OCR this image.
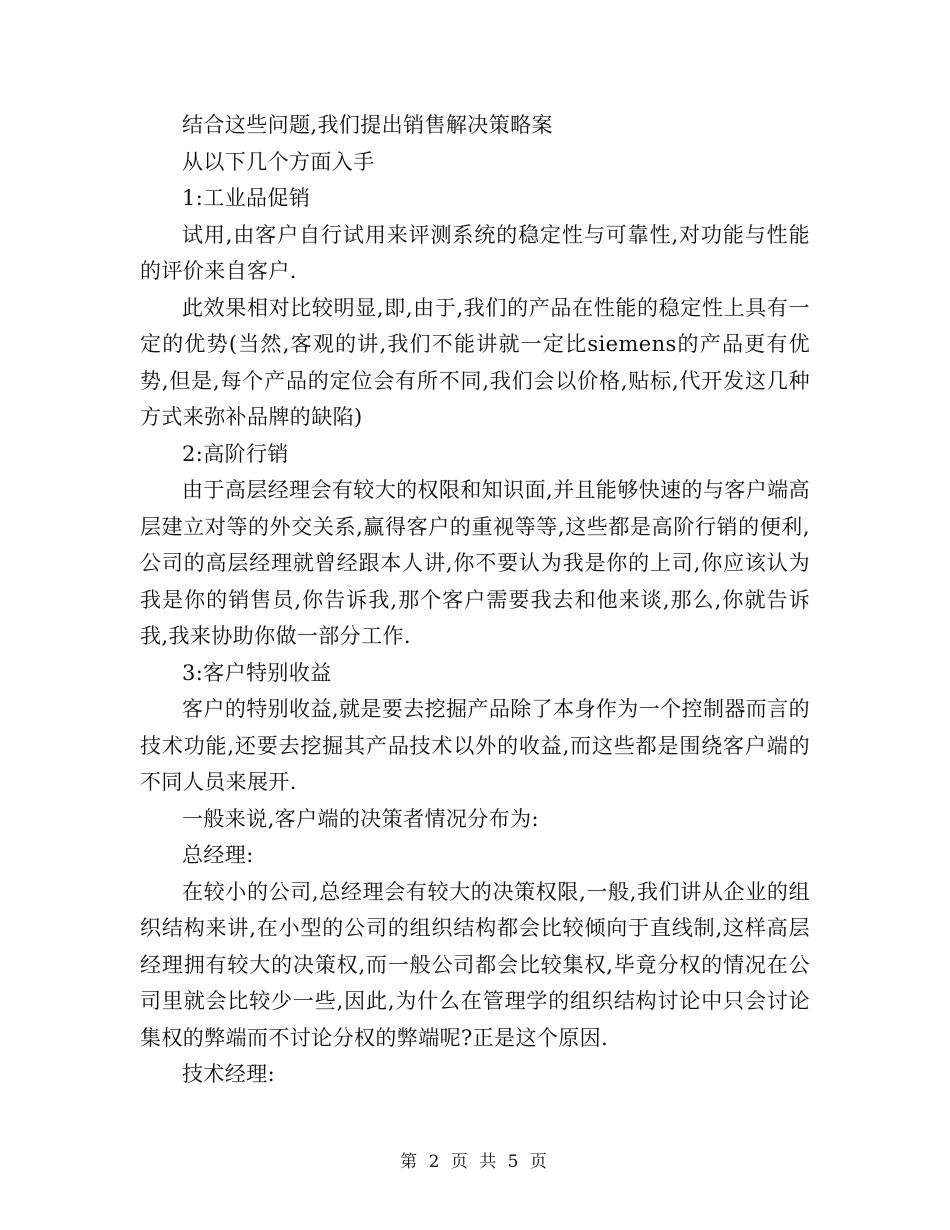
结合这些问题,我们提出销售解决策略案

从以下几个方面入手

1:工业品促销

试用,由客户自行试用来评测系统的稳定性与可靠性,对功能与性能的评价来自客户.

此效果相对比较明显,即,由于,我们的产品在性能的稳定性上具有一定的优势(当然,客观的讲,我们不能讲就一定比siemens的产品更有优势,但是,每个产品的定位会有所不同,我们会以价格,贴标,代开发这几种方式来弥补品牌的缺陷)

2:高阶行销

由于高层经理会有较大的权限和知识面,并且能够快速的与客户端高层建立对等的外交关系,赢得客户的重视等等,这些都是高阶行销的便利,公司的高层经理就曾经跟本人讲,你不要认为我是你的上司,你应该认为我是你的销售员,你告诉我,那个客户需要我去和他来谈,那么,你就告诉我,我来协助你做一部分工作.

3:客户特别收益

客户的特别收益,就是要去挖掘产品除了本身作为一个控制器而言的技术功能,还要去挖掘其产品技术以外的收益,而这些都是围绕客户端的不同人员来展开.

一般来说,客户端的决策者情况分布为:

总经理:

在较小的公司,总经理会有较大的决策权限,一般,我们讲从企业的组织结构来讲,在小型的公司的组织结构都会比较倾向于直线制,这样高层经理拥有较大的决策权,而一般公司都会比较集权,毕竟分权的情况在公司里就会比较少一些,因此,为什么在管理学的组织结构讨论中只会讨论集权的弊端而不讨论分权的弊端呢?正是这个原因.

技术经理:

第 2 页 共 5 页
